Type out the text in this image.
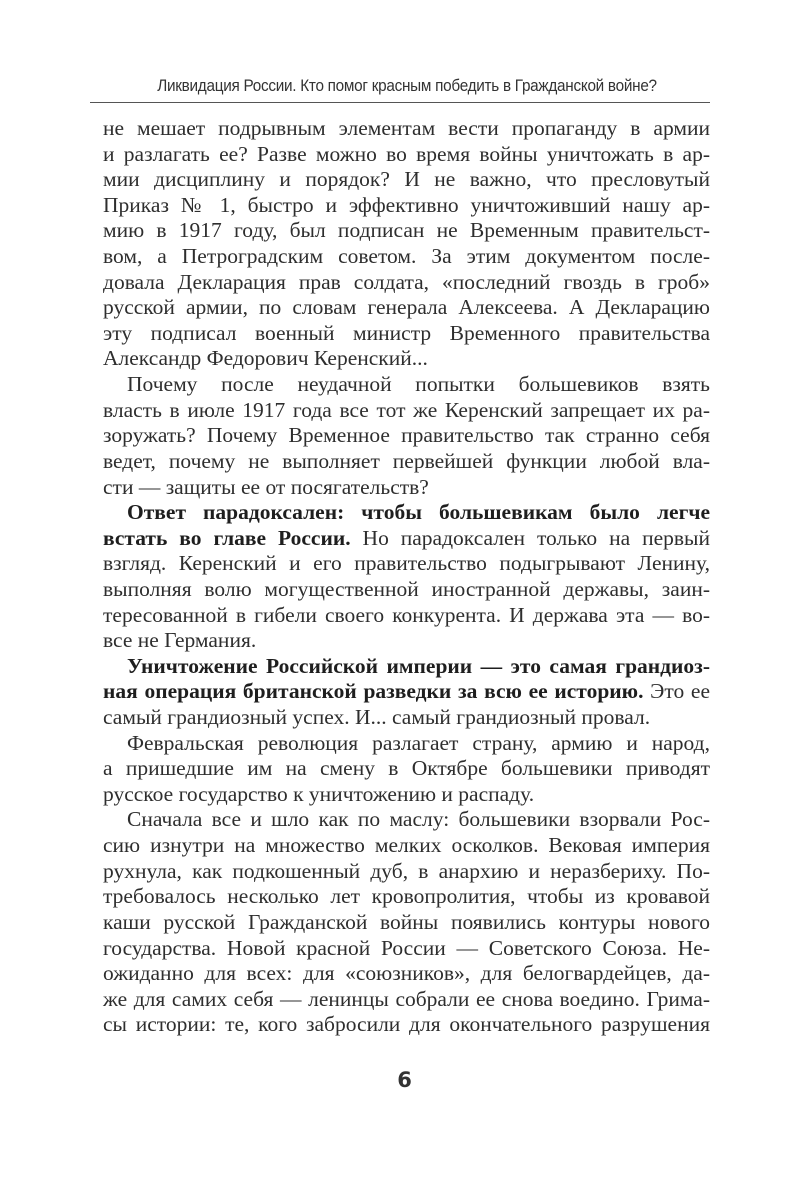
Ликвидация России. Кто помог красным победить в Гражданской войне?
не мешает подрывным элементам вести пропаганду в армии
и разлагать ее? Разве можно во время войны уничтожать в ар-
мии дисциплину и порядок? И не важно, что пресловутый
Приказ № 1, быстро и эффективно уничтоживший нашу ар-
мию в 1917 году, был подписан не Временным правительст-
вом, а Петроградским советом. За этим документом после-
довала Декларация прав солдата, «последний гвоздь в гроб»
русской армии, по словам генерала Алексеева. А Декларацию
эту подписал военный министр Временного правительства
Александр Федорович Керенский...
Почему после неудачной попытки большевиков взять
власть в июле 1917 года все тот же Керенский запрещает их ра-
зоружать? Почему Временное правительство так странно себя
ведет, почему не выполняет первейшей функции любой вла-
сти — защиты ее от посягательств?
Ответ парадоксален: чтобы большевикам было легче
встать во главе России. Но парадоксален только на первый
взгляд. Керенский и его правительство подыгрывают Ленину,
выполняя волю могущественной иностранной державы, заин-
тересованной в гибели своего конкурента. И держава эта — во-
все не Германия.
Уничтожение Российской империи — это самая грандиоз-
ная операция британской разведки за всю ее историю. Это ее
самый грандиозный успех. И... самый грандиозный провал.
Февральская революция разлагает страну, армию и народ,
а пришедшие им на смену в Октябре большевики приводят
русское государство к уничтожению и распаду.
Сначала все и шло как по маслу: большевики взорвали Рос-
сию изнутри на множество мелких осколков. Вековая империя
рухнула, как подкошенный дуб, в анархию и неразбериху. По-
требовалось несколько лет кровопролития, чтобы из кровавой
каши русской Гражданской войны появились контуры нового
государства. Новой красной России — Советского Союза. Не-
ожиданно для всех: для «союзников», для белогвардейцев, да-
же для самих себя — ленинцы собрали ее снова воедино. Грима-
сы истории: те, кого забросили для окончательного разрушения
6
